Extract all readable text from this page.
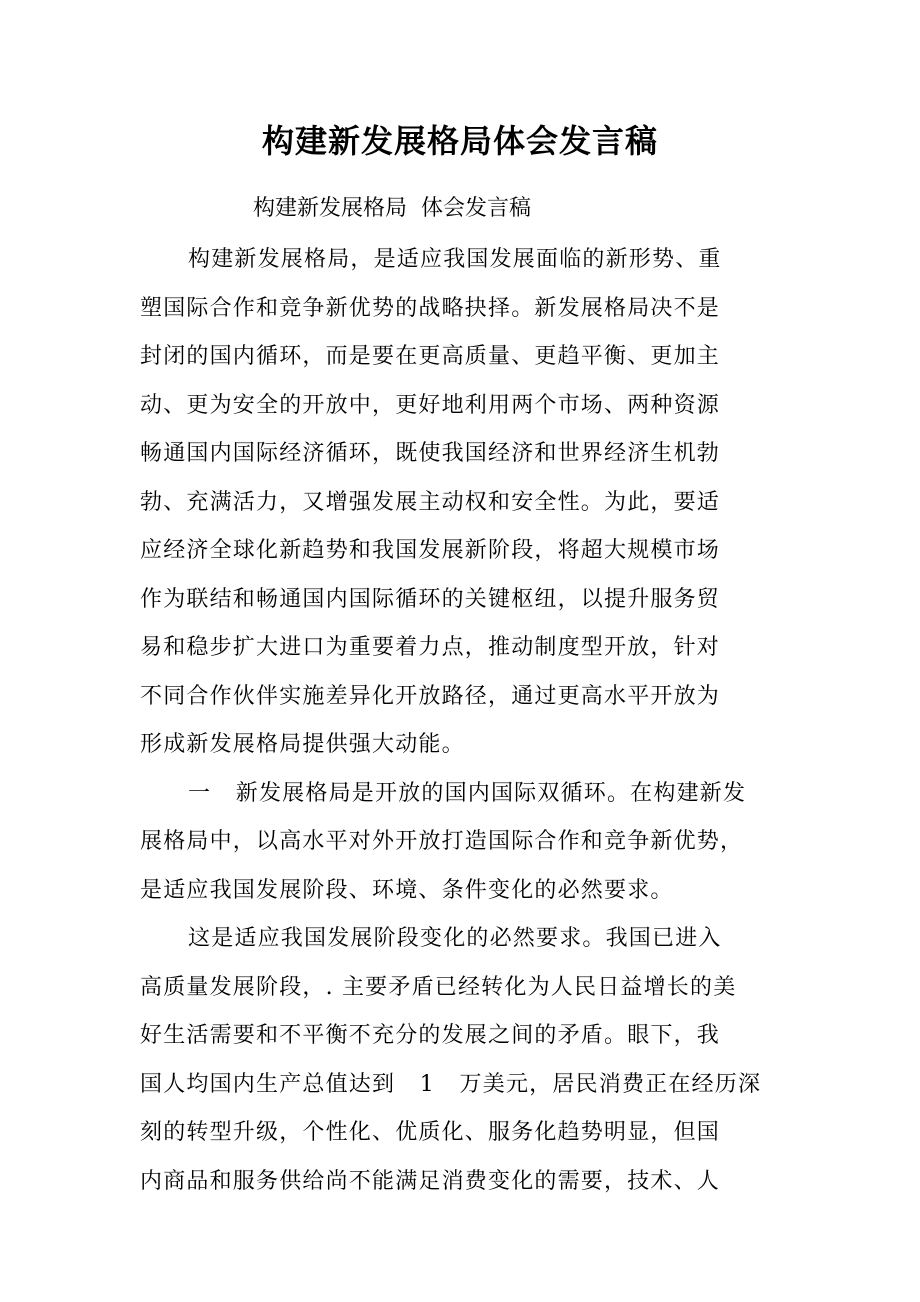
构建新发展格局体会发言稿

构建新发展格局  体会发言稿

构建新发展格局，是适应我国发展面临的新形势、重

塑国际合作和竞争新优势的战略抉择。新发展格局决不是

封闭的国内循环，而是要在更高质量、更趋平衡、更加主

动、更为安全的开放中，更好地利用两个市场、两种资源

畅通国内国际经济循环，既使我国经济和世界经济生机勃

勃、充满活力，又增强发展主动权和安全性。为此，要适

应经济全球化新趋势和我国发展新阶段，将超大规模市场

作为联结和畅通国内国际循环的关键枢纽，以提升服务贸

易和稳步扩大进口为重要着力点，推动制度型开放，针对

不同合作伙伴实施差异化开放路径，通过更高水平开放为

形成新发展格局提供强大动能。

一   新发展格局是开放的国内国际双循环。在构建新发

展格局中，以高水平对外开放打造国际合作和竞争新优势，

是适应我国发展阶段、环境、条件变化的必然要求。

这是适应我国发展阶段变化的必然要求。我国已进入

高质量发展阶段，. 主要矛盾已经转化为人民日益增长的美

好生活需要和不平衡不充分的发展之间的矛盾。眼下，我

国人均国内生产总值达到   1   万美元，居民消费正在经历深

刻的转型升级，个性化、优质化、服务化趋势明显，但国

内商品和服务供给尚不能满足消费变化的需要，技术、人
